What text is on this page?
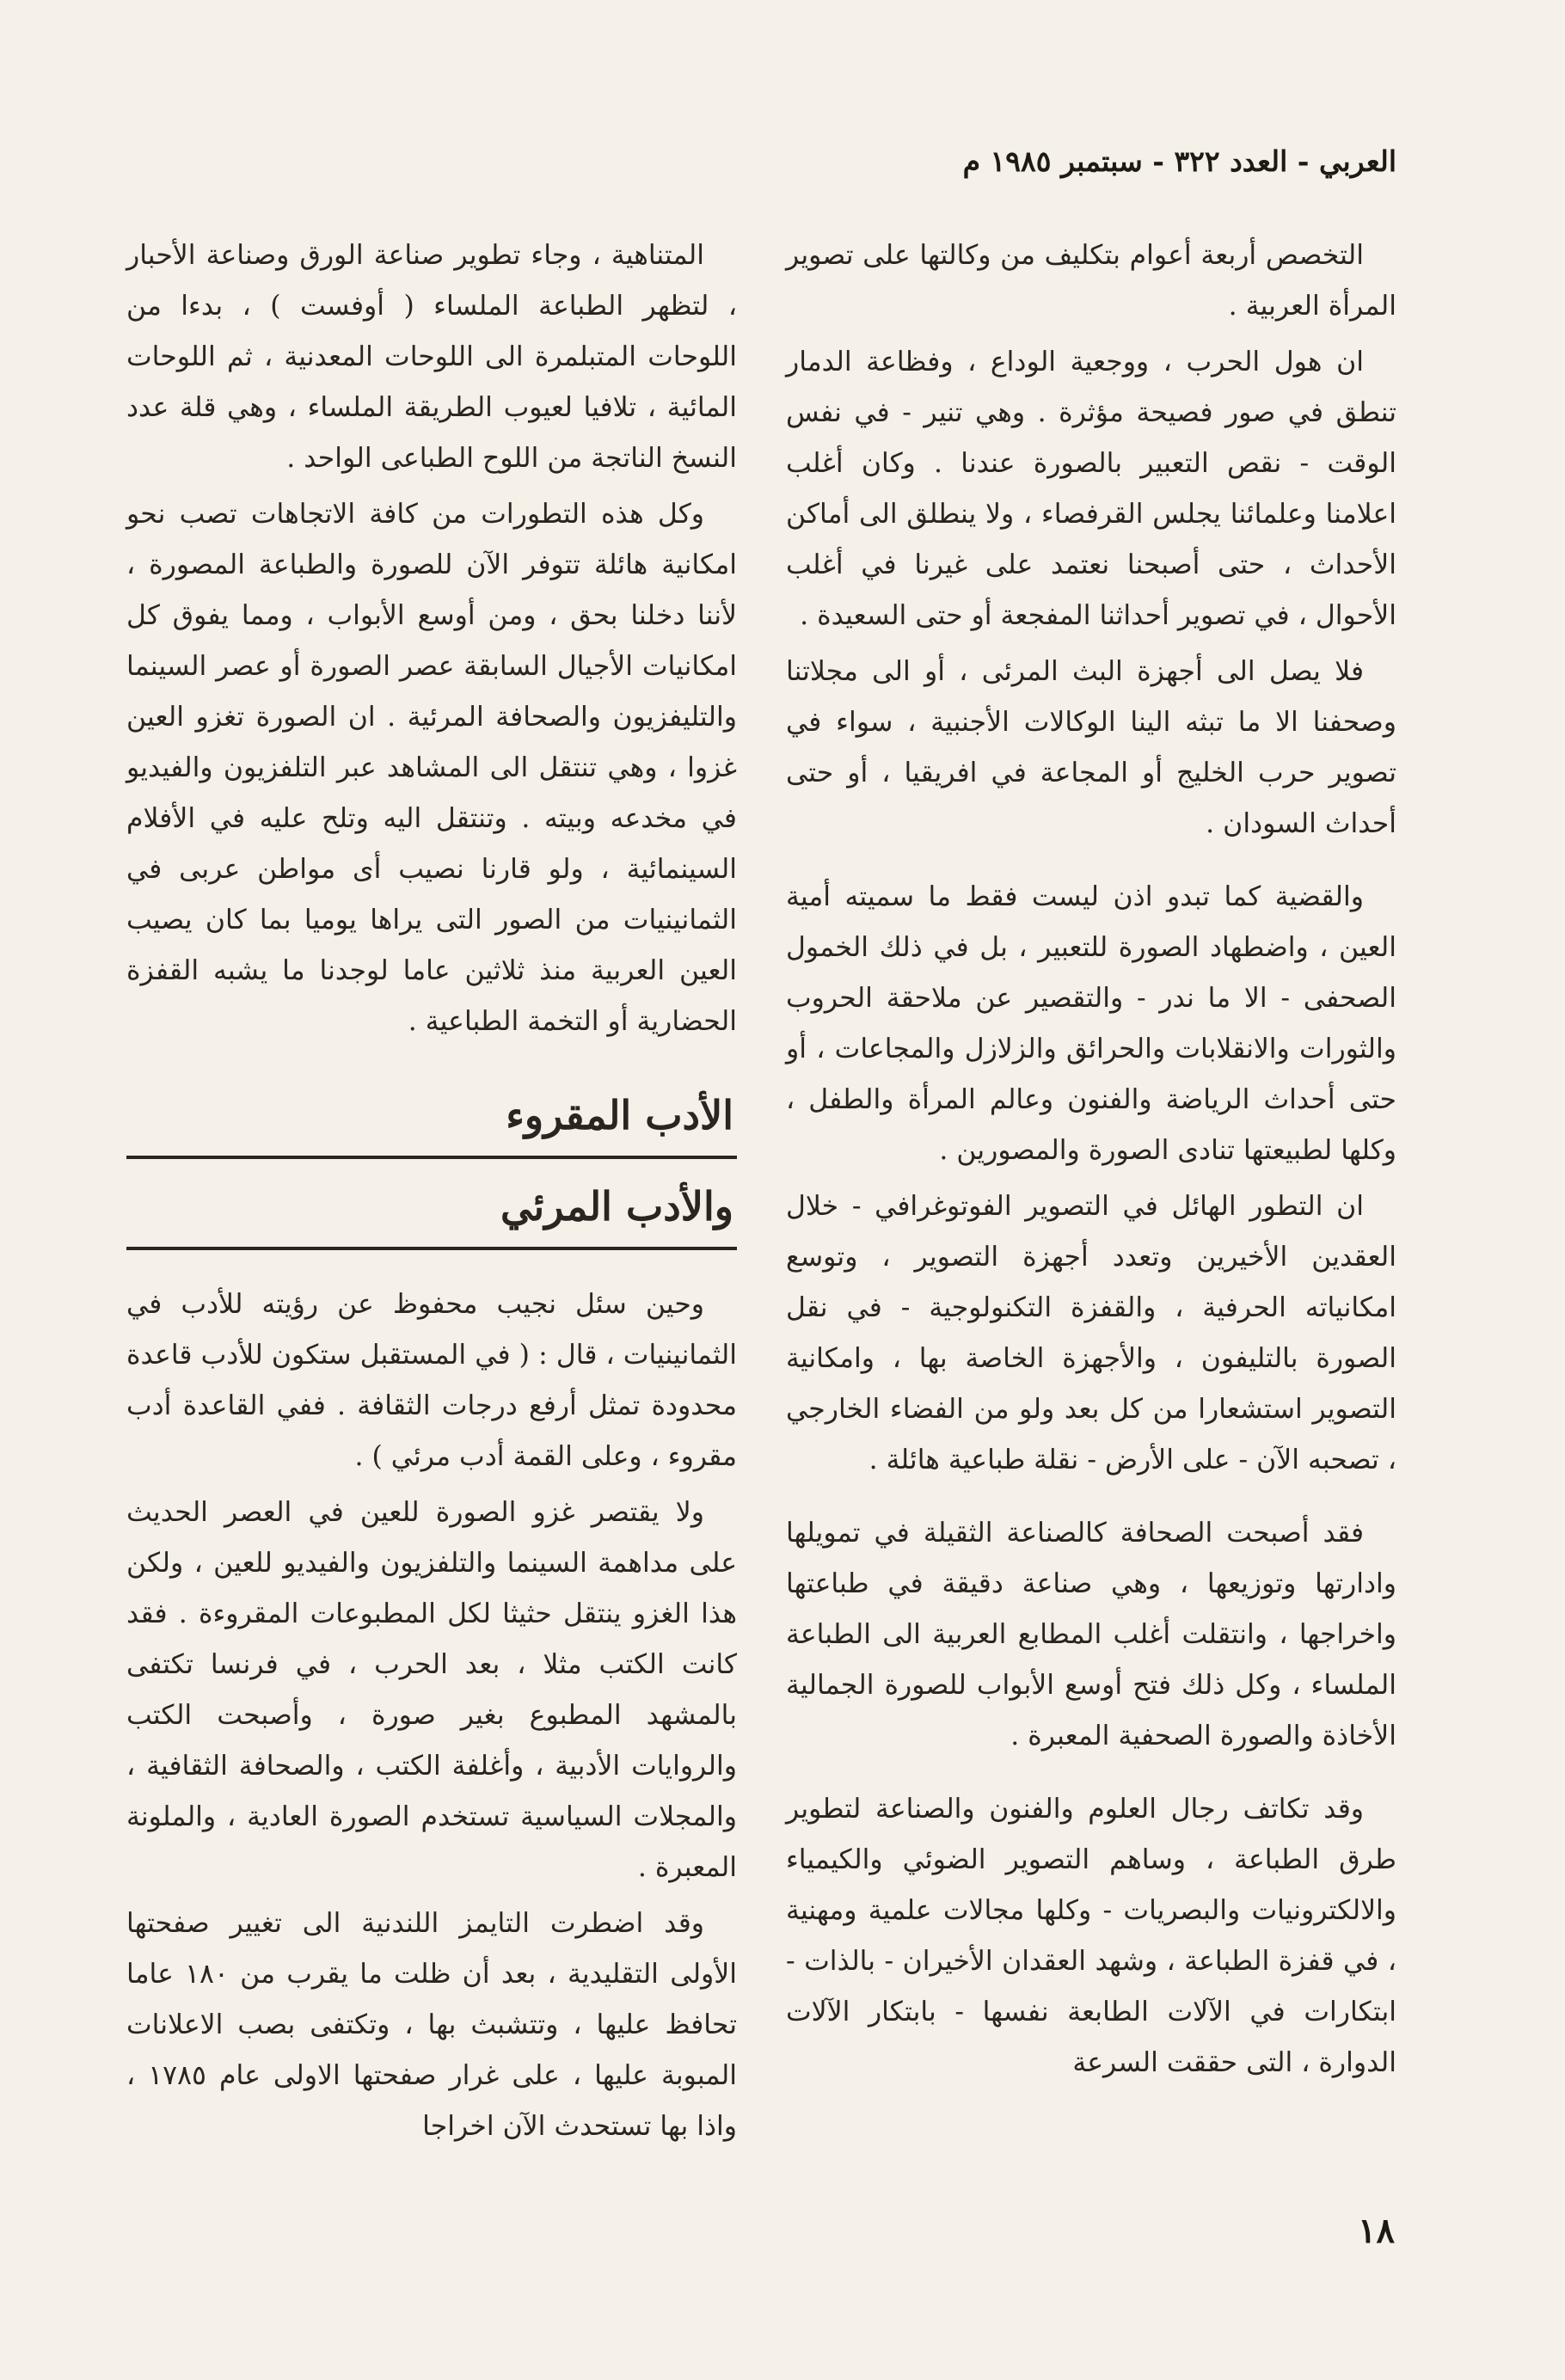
العربي - العدد ٣٢٢ - سبتمبر ١٩٨٥ م

التخصص أربعة أعوام بتكليف من وكالتها على تصوير المرأة العربية .

ان هول الحرب ، ووجعية الوداع ، وفظاعة الدمار تنطق في صور فصيحة مؤثرة . وهي تنير - في نفس الوقت - نقص التعبير بالصورة عندنا . وكان أغلب اعلامنا وعلمائنا يجلس القرفصاء ، ولا ينطلق الى أماكن الأحداث ، حتى أصبحنا نعتمد على غيرنا في أغلب الأحوال ، في تصوير أحداثنا المفجعة أو حتى السعيدة .

فلا يصل الى أجهزة البث المرئى ، أو الى مجلاتنا وصحفنا الا ما تبثه الينا الوكالات الأجنبية ، سواء في تصوير حرب الخليج أو المجاعة في افريقيا ، أو حتى أحداث السودان .

والقضية كما تبدو اذن ليست فقط ما سميته أمية العين ، واضطهاد الصورة للتعبير ، بل في ذلك الخمول الصحفى - الا ما ندر - والتقصير عن ملاحقة الحروب والثورات والانقلابات والحرائق والزلازل والمجاعات ، أو حتى أحداث الرياضة والفنون وعالم المرأة والطفل ، وكلها لطبيعتها تنادى الصورة والمصورين .

ان التطور الهائل في التصوير الفوتوغرافي - خلال العقدين الأخيرين وتعدد أجهزة التصوير ، وتوسع امكانياته الحرفية ، والقفزة التكنولوجية - في نقل الصورة بالتليفون ، والأجهزة الخاصة بها ، وامكانية التصوير استشعارا من كل بعد ولو من الفضاء الخارجي ، تصحبه الآن - على الأرض - نقلة طباعية هائلة .

فقد أصبحت الصحافة كالصناعة الثقيلة في تمويلها وادارتها وتوزيعها ، وهي صناعة دقيقة في طباعتها واخراجها ، وانتقلت أغلب المطابع العربية الى الطباعة الملساء ، وكل ذلك فتح أوسع الأبواب للصورة الجمالية الأخاذة والصورة الصحفية المعبرة .

وقد تكاتف رجال العلوم والفنون والصناعة لتطوير طرق الطباعة ، وساهم التصوير الضوئي والكيمياء والالكترونيات والبصريات - وكلها مجالات علمية ومهنية ، في قفزة الطباعة ، وشهد العقدان الأخيران - بالذات - ابتكارات في الآلات الطابعة نفسها - بابتكار الآلات الدوارة ، التى حققت السرعة

المتناهية ، وجاء تطوير صناعة الورق وصناعة الأحبار ، لتظهر الطباعة الملساء ( أوفست ) ، بدءا من اللوحات المتبلمرة الى اللوحات المعدنية ، ثم اللوحات المائية ، تلافيا لعيوب الطريقة الملساء ، وهي قلة عدد النسخ الناتجة من اللوح الطباعى الواحد .

وكل هذه التطورات من كافة الاتجاهات تصب نحو امكانية هائلة تتوفر الآن للصورة والطباعة المصورة ، لأننا دخلنا بحق ، ومن أوسع الأبواب ، ومما يفوق كل امكانيات الأجيال السابقة عصر الصورة أو عصر السينما والتليفزيون والصحافة المرئية . ان الصورة تغزو العين غزوا ، وهي تنتقل الى المشاهد عبر التلفزيون والفيديو في مخدعه وبيته . وتنتقل اليه وتلح عليه في الأفلام السينمائية ، ولو قارنا نصيب أى مواطن عربى في الثمانينيات من الصور التى يراها يوميا بما كان يصيب العين العربية منذ ثلاثين عاما لوجدنا ما يشبه القفزة الحضارية أو التخمة الطباعية .

الأدب المقروء
والأدب المرئي

وحين سئل نجيب محفوظ عن رؤيته للأدب في الثمانينيات ، قال : ( في المستقبل ستكون للأدب قاعدة محدودة تمثل أرفع درجات الثقافة . ففي القاعدة أدب مقروء ، وعلى القمة أدب مرئي ) .

ولا يقتصر غزو الصورة للعين في العصر الحديث على مداهمة السينما والتلفزيون والفيديو للعين ، ولكن هذا الغزو ينتقل حثيثا لكل المطبوعات المقروءة . فقد كانت الكتب مثلا ، بعد الحرب ، في فرنسا تكتفى بالمشهد المطبوع بغير صورة ، وأصبحت الكتب والروايات الأدبية ، وأغلفة الكتب ، والصحافة الثقافية ، والمجلات السياسية تستخدم الصورة العادية ، والملونة المعبرة .

وقد اضطرت التايمز اللندنية الى تغيير صفحتها الأولى التقليدية ، بعد أن ظلت ما يقرب من ١٨٠ عاما تحافظ عليها ، وتتشبث بها ، وتكتفى بصب الاعلانات المبوبة عليها ، على غرار صفحتها الاولى عام ١٧٨٥ ، واذا بها تستحدث الآن اخراجا

١٨
